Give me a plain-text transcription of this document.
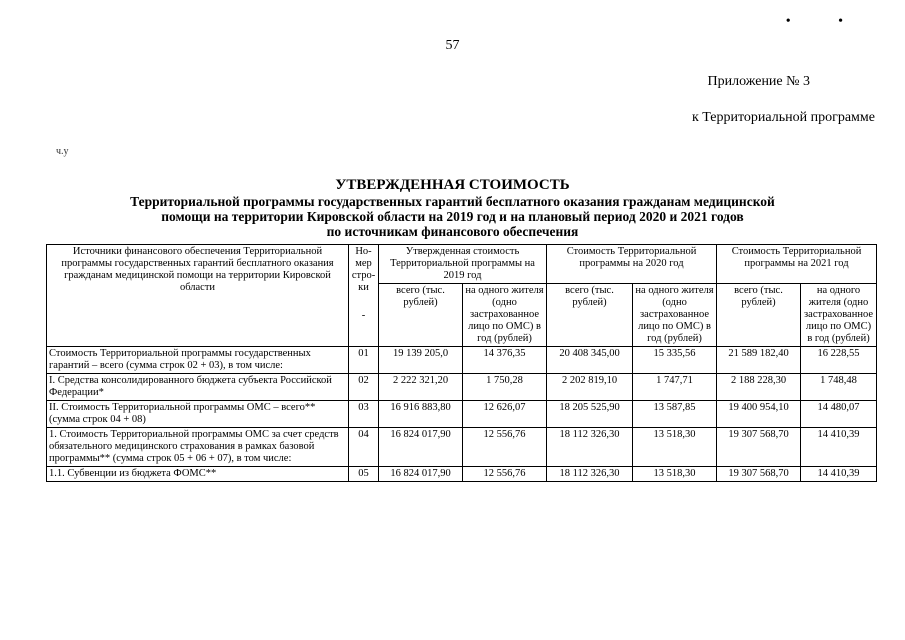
• •
57
Приложение № 3
к Территориальной программе
ч.у
УТВЕРЖДЕННАЯ СТОИМОСТЬ
Территориальной программы государственных гарантий бесплатного оказания гражданам медицинской
помощи на территории Кировской области на 2019 год и на плановый период 2020 и 2021 годов
по источникам финансового обеспечения
Источники финансового обеспечения Территориальной программы государственных гарантий бесплатного оказания гражданам медицинской помощи на территории Кировской области	Но-мер стро-ки
-	Утвержденная стоимость Территориальной программы на 2019 год		Стоимость Территориальной программы на 2020 год		Стоимость Территориальной программы на 2021 год	
		всего (тыс. рублей)	на одного жителя (одно застрахованное лицо по ОМС) в год (рублей)	всего (тыс. рублей)	на одного жителя (одно застрахованное лицо по ОМС) в год (рублей)	всего (тыс. рублей)	на одного жителя (одно застрахованное лицо по ОМС) в год (рублей)
Стоимость Территориальной программы государственных гарантий – всего (сумма строк 02 + 03), в том числе:	01	19 139 205,0	14 376,35	20 408 345,00	15 335,56	21 589 182,40	16 228,55
I. Средства консолидированного бюджета субъекта Российской Федерации*	02	2 222 321,20	1 750,28	2 202 819,10	1 747,71	2 188 228,30	1 748,48
II. Стоимость Территориальной программы ОМС – всего** (сумма строк 04 + 08)	03	16 916 883,80	12 626,07	18 205 525,90	13 587,85	19 400 954,10	14 480,07
1. Стоимость Территориальной программы ОМС за счет средств обязательного медицинского страхования в рамках базовой программы** (сумма строк 05 + 06 + 07), в том числе:	04	16 824 017,90	12 556,76	18 112 326,30	13 518,30	19 307 568,70	14 410,39
1.1. Субвенции из бюджета ФОМС**	05	16 824 017,90	12 556,76	18 112 326,30	13 518,30	19 307 568,70	14 410,39
